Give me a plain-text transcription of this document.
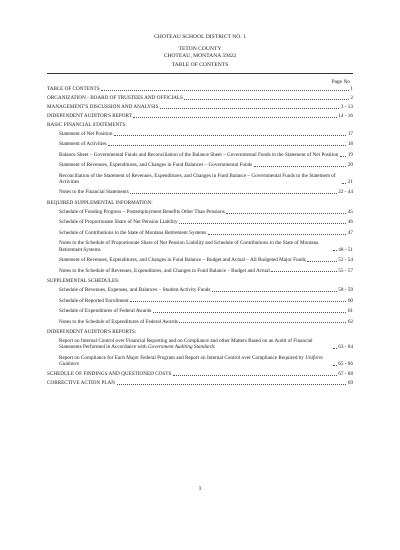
CHOTEAU SCHOOL DISTRICT NO. 1
TETON COUNTY
CHOTEAU, MONTANA 59422
TABLE OF CONTENTS
Page No
TABLE OF CONTENTS	1
ORGANIZATION - BOARD OF TRUSTEES AND OFFICIALS	2
MANAGEMENT'S DISCUSSION AND ANALYSIS	3 - 13
INDEPENDENT AUDITOR'S REPORT	14 - 16
BASIC FINANCIAL STATEMENTS:
Statement of Net Position	17
Statement of Activities	18
Balance Sheet – Governmental Funds and Reconciliation of the Balance Sheet – Governmental Funds to the Statement of Net Position 19
Statement of Revenues, Expenditures, and Changes in Fund Balances – Governmental Funds	20
Reconciliation of the Statement of Revenues, Expenditures, and Changes in Fund Balance – Governmental Funds to the Statement of Activities	21
Notes to the Financial Statements	22 - 44
REQUIRED SUPPLEMENTAL INFORMATION:
Schedule of Funding Progress – Postemployment Benefits Other Than Pensions	45
Schedule of Proportionate Share of Net Pension Liability	46
Schedule of Contributions to the State of Montana Retirement Systems	47
Notes to the Schedule of Proportionate Share of Net Pension Liability and Schedule of Contributions to the State of Montana Retirement Systems	48 - 51
Statement of Revenues, Expenditures, and Changes in Fund Balance – Budget and Actual – All Budgeted Major Funds	52 - 54
Notes to the Schedule of Revenues, Expenditures, and Changes in Fund Balance – Budget and Actual	55 - 57
SUPPLEMENTAL SCHEDULES:
Schedule of Revenues, Expenses, and Balances – Student Activity Funds	58 - 59
Schedule of Reported Enrollment	60
Schedule of Expenditures of Federal Awards	61
Notes to the Schedule of Expenditures of Federal Awards	62
INDEPENDENT AUDITOR'S REPORTS:
Report on Internal Control over Financial Reporting and on Compliance and other Matters Based on an Audit of Financial Statements Performed in Accordance with Government Auditing Standards	63 - 64
Report on Compliance for Each Major Federal Program and Report on Internal Control over Compliance Required by Uniform Guidance	65 - 66
SCHEDULE OF FINDINGS AND QUESTIONED COSTS	67 - 68
CORRECTIVE ACTION PLAN	69
1
